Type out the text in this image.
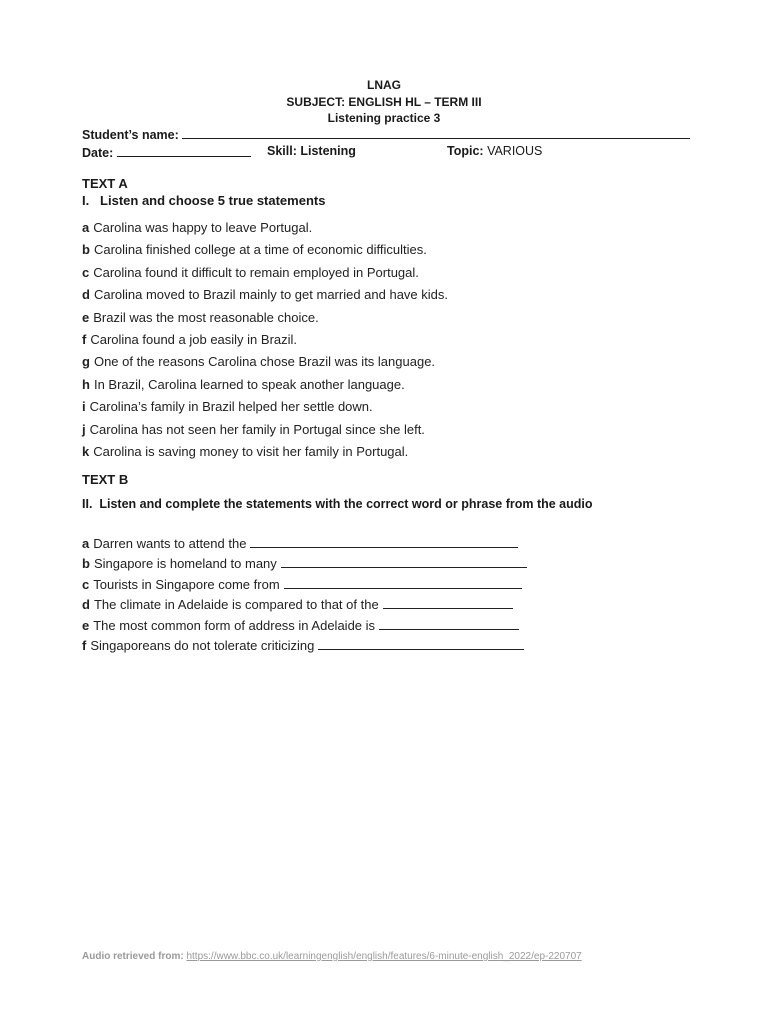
LNAG
SUBJECT: ENGLISH HL – TERM III
Listening practice 3
Student’s name:
Date:	Skill: Listening	Topic: VARIOUS
TEXT A
I.   Listen and choose 5 true statements
a Carolina was happy to leave Portugal.
b Carolina finished college at a time of economic difficulties.
c Carolina found it difficult to remain employed in Portugal.
d Carolina moved to Brazil mainly to get married and have kids.
e Brazil was the most reasonable choice.
f Carolina found a job easily in Brazil.
g One of the reasons Carolina chose Brazil was its language.
h In Brazil, Carolina learned to speak another language.
i Carolina’s family in Brazil helped her settle down.
j Carolina has not seen her family in Portugal since she left.
k Carolina is saving money to visit her family in Portugal.
TEXT B
II.  Listen and complete the statements with the correct word or phrase from the audio
a Darren wants to attend the
b Singapore is homeland to many
c Tourists in Singapore come from
d The climate in Adelaide is compared to that of the
e The most common form of address in Adelaide is
f Singaporeans do not tolerate criticizing
Audio retrieved from: https://www.bbc.co.uk/learningenglish/english/features/6-minute-english_2022/ep-220707
